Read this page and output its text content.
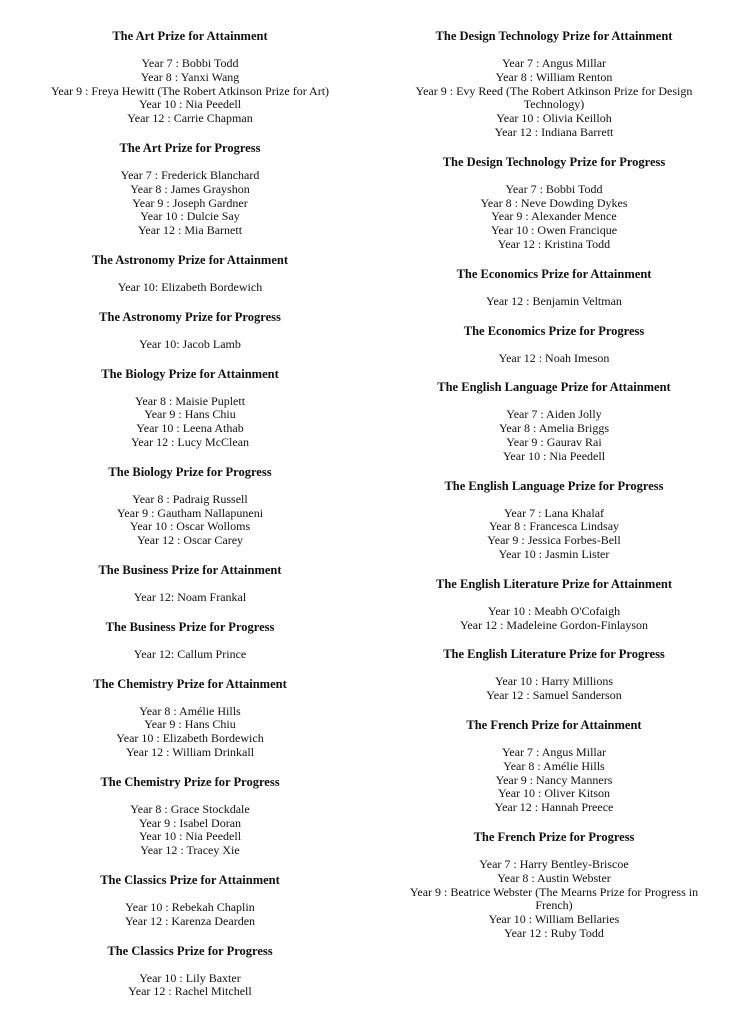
The Art Prize for Attainment
Year 7 : Bobbi Todd
Year 8 : Yanxi Wang
Year 9 : Freya Hewitt (The Robert Atkinson Prize for Art)
Year 10 : Nia Peedell
Year 12 : Carrie Chapman
The Art Prize for Progress
Year 7 : Frederick Blanchard
Year 8 : James Grayshon
Year 9 : Joseph Gardner
Year 10 : Dulcie Say
Year 12 : Mia Barnett
The Astronomy Prize for Attainment
Year 10: Elizabeth Bordewich
The Astronomy Prize for Progress
Year 10: Jacob Lamb
The Biology Prize for Attainment
Year 8 : Maisie Puplett
Year 9 : Hans Chiu
Year 10 : Leena Athab
Year 12 : Lucy McClean
The Biology Prize for Progress
Year 8 : Padraig Russell
Year 9 : Gautham Nallapuneni
Year 10 : Oscar Wolloms
Year 12 : Oscar Carey
The Business Prize for Attainment
Year 12: Noam Frankal
The Business Prize for Progress
Year 12: Callum Prince
The Chemistry Prize for Attainment
Year 8 : Amélie Hills
Year 9 : Hans Chiu
Year 10 : Elizabeth Bordewich
Year 12 : William Drinkall
The Chemistry Prize for Progress
Year 8 : Grace Stockdale
Year 9 : Isabel Doran
Year 10 : Nia Peedell
Year 12 : Tracey Xie
The Classics Prize for Attainment
Year 10 : Rebekah Chaplin
Year 12 : Karenza Dearden
The Classics Prize for Progress
Year 10 : Lily Baxter
Year 12 : Rachel Mitchell
The Design Technology Prize for Attainment
Year 7 : Angus Millar
Year 8 : William Renton
Year 9 : Evy Reed (The Robert Atkinson Prize for Design Technology)
Year 10 : Olivia Keilloh
Year 12 : Indiana Barrett
The Design Technology Prize for Progress
Year 7 : Bobbi Todd
Year 8 : Neve Dowding Dykes
Year 9 : Alexander Mence
Year 10 : Owen Francique
Year 12 : Kristina Todd
The Economics Prize for Attainment
Year 12 : Benjamin Veltman
The Economics Prize for Progress
Year 12 : Noah Imeson
The English Language Prize for Attainment
Year 7 : Aiden Jolly
Year 8 : Amelia Briggs
Year 9 : Gaurav Rai
Year 10 : Nia Peedell
The English Language Prize for Progress
Year 7 : Lana Khalaf
Year 8 : Francesca Lindsay
Year 9 : Jessica Forbes-Bell
Year 10 : Jasmin Lister
The English Literature Prize for Attainment
Year 10 : Meabh O'Cofaigh
Year 12 : Madeleine Gordon-Finlayson
The English Literature Prize for Progress
Year 10 : Harry Millions
Year 12 : Samuel Sanderson
The French Prize for Attainment
Year 7 : Angus Millar
Year 8 : Amélie Hills
Year 9 : Nancy Manners
Year 10 : Oliver Kitson
Year 12 : Hannah Preece
The French Prize for Progress
Year 7 : Harry Bentley-Briscoe
Year 8 : Austin Webster
Year 9 : Beatrice Webster (The Mearns Prize for Progress in French)
Year 10 : William Bellaries
Year 12 : Ruby Todd
